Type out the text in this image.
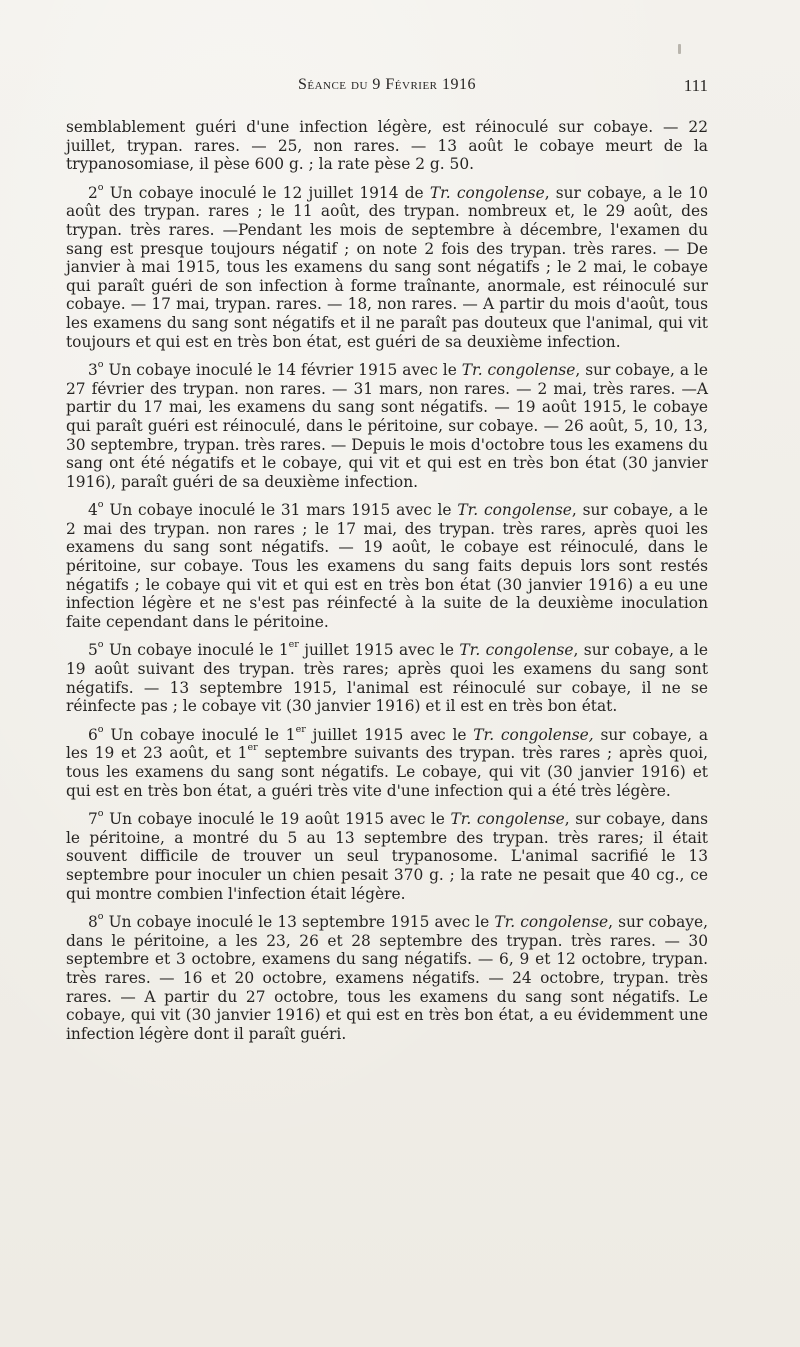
Séance du 9 Février 1916	111

semblablement guéri d'une infection légère, est réinoculé sur cobaye. — 22 juillet, trypan. rares. — 25, non rares. — 13 août le cobaye meurt de la trypanosomiase, il pèse 600 g. ; la rate pèse 2 g. 50.

2$^o$ Un cobaye inoculé le 12 juillet 1914 de Tr. congolense, sur cobaye, a le 10 août des trypan. rares ; le 11 août, des trypan. nombreux et, le 29 août, des trypan. très rares. —Pendant les mois de septembre à décembre, l'examen du sang est presque toujours négatif ; on note 2 fois des trypan. très rares. — De janvier à mai 1915, tous les examens du sang sont négatifs ; le 2 mai, le cobaye qui paraît guéri de son infection à forme traînante, anormale, est réinoculé sur cobaye. — 17 mai, trypan. rares. — 18, non rares. — A partir du mois d'août, tous les examens du sang sont négatifs et il ne paraît pas douteux que l'animal, qui vit toujours et qui est en très bon état, est guéri de sa deuxième infection.

3$^o$ Un cobaye inoculé le 14 février 1915 avec le Tr. congolense, sur cobaye, a le 27 février des trypan. non rares. — 31 mars, non rares. — 2 mai, très rares. —A partir du 17 mai, les examens du sang sont négatifs. — 19 août 1915, le cobaye qui paraît guéri est réinoculé, dans le péritoine, sur cobaye. — 26 août, 5, 10, 13, 30 septembre, trypan. très rares. — Depuis le mois d'octobre tous les examens du sang ont été négatifs et le cobaye, qui vit et qui est en très bon état (30 janvier 1916), paraît guéri de sa deuxième infection.

4$^o$ Un cobaye inoculé le 31 mars 1915 avec le Tr. congolense, sur cobaye, a le 2 mai des trypan. non rares ; le 17 mai, des trypan. très rares, après quoi les examens du sang sont négatifs. — 19 août, le cobaye est réinoculé, dans le péritoine, sur cobaye. Tous les examens du sang faits depuis lors sont restés négatifs ; le cobaye qui vit et qui est en très bon état (30 janvier 1916) a eu une infection légère et ne s'est pas réinfecté à la suite de la deuxième inoculation faite cependant dans le péritoine.

5$^o$ Un cobaye inoculé le 1er juillet 1915 avec le Tr. congolense, sur cobaye, a le 19 août suivant des trypan. très rares; après quoi les examens du sang sont négatifs. — 13 septembre 1915, l'animal est réinoculé sur cobaye, il ne se réinfecte pas ; le cobaye vit (30 janvier 1916) et il est en très bon état.

6$^o$ Un cobaye inoculé le 1er juillet 1915 avec le Tr. congolense, sur cobaye, a les 19 et 23 août, et 1er septembre suivants des trypan. très rares ; après quoi, tous les examens du sang sont négatifs. Le cobaye, qui vit (30 janvier 1916) et qui est en très bon état, a guéri très vite d'une infection qui a été très légère.

7$^o$ Un cobaye inoculé le 19 août 1915 avec le Tr. congolense, sur cobaye, dans le péritoine, a montré du 5 au 13 septembre des trypan. très rares; il était souvent difficile de trouver un seul trypanosome. L'animal sacrifié le 13 septembre pour inoculer un chien pesait 370 g. ; la rate ne pesait que 40 cg., ce qui montre combien l'infection était légère.

8$^o$ Un cobaye inoculé le 13 septembre 1915 avec le Tr. congolense, sur cobaye, dans le péritoine, a les 23, 26 et 28 septembre des trypan. très rares. — 30 septembre et 3 octobre, examens du sang négatifs. — 6, 9 et 12 octobre, trypan. très rares. — 16 et 20 octobre, examens négatifs. — 24 octobre, trypan. très rares. — A partir du 27 octobre, tous les examens du sang sont négatifs. Le cobaye, qui vit (30 janvier 1916) et qui est en très bon état, a eu évidemment une infection légère dont il paraît guéri.
